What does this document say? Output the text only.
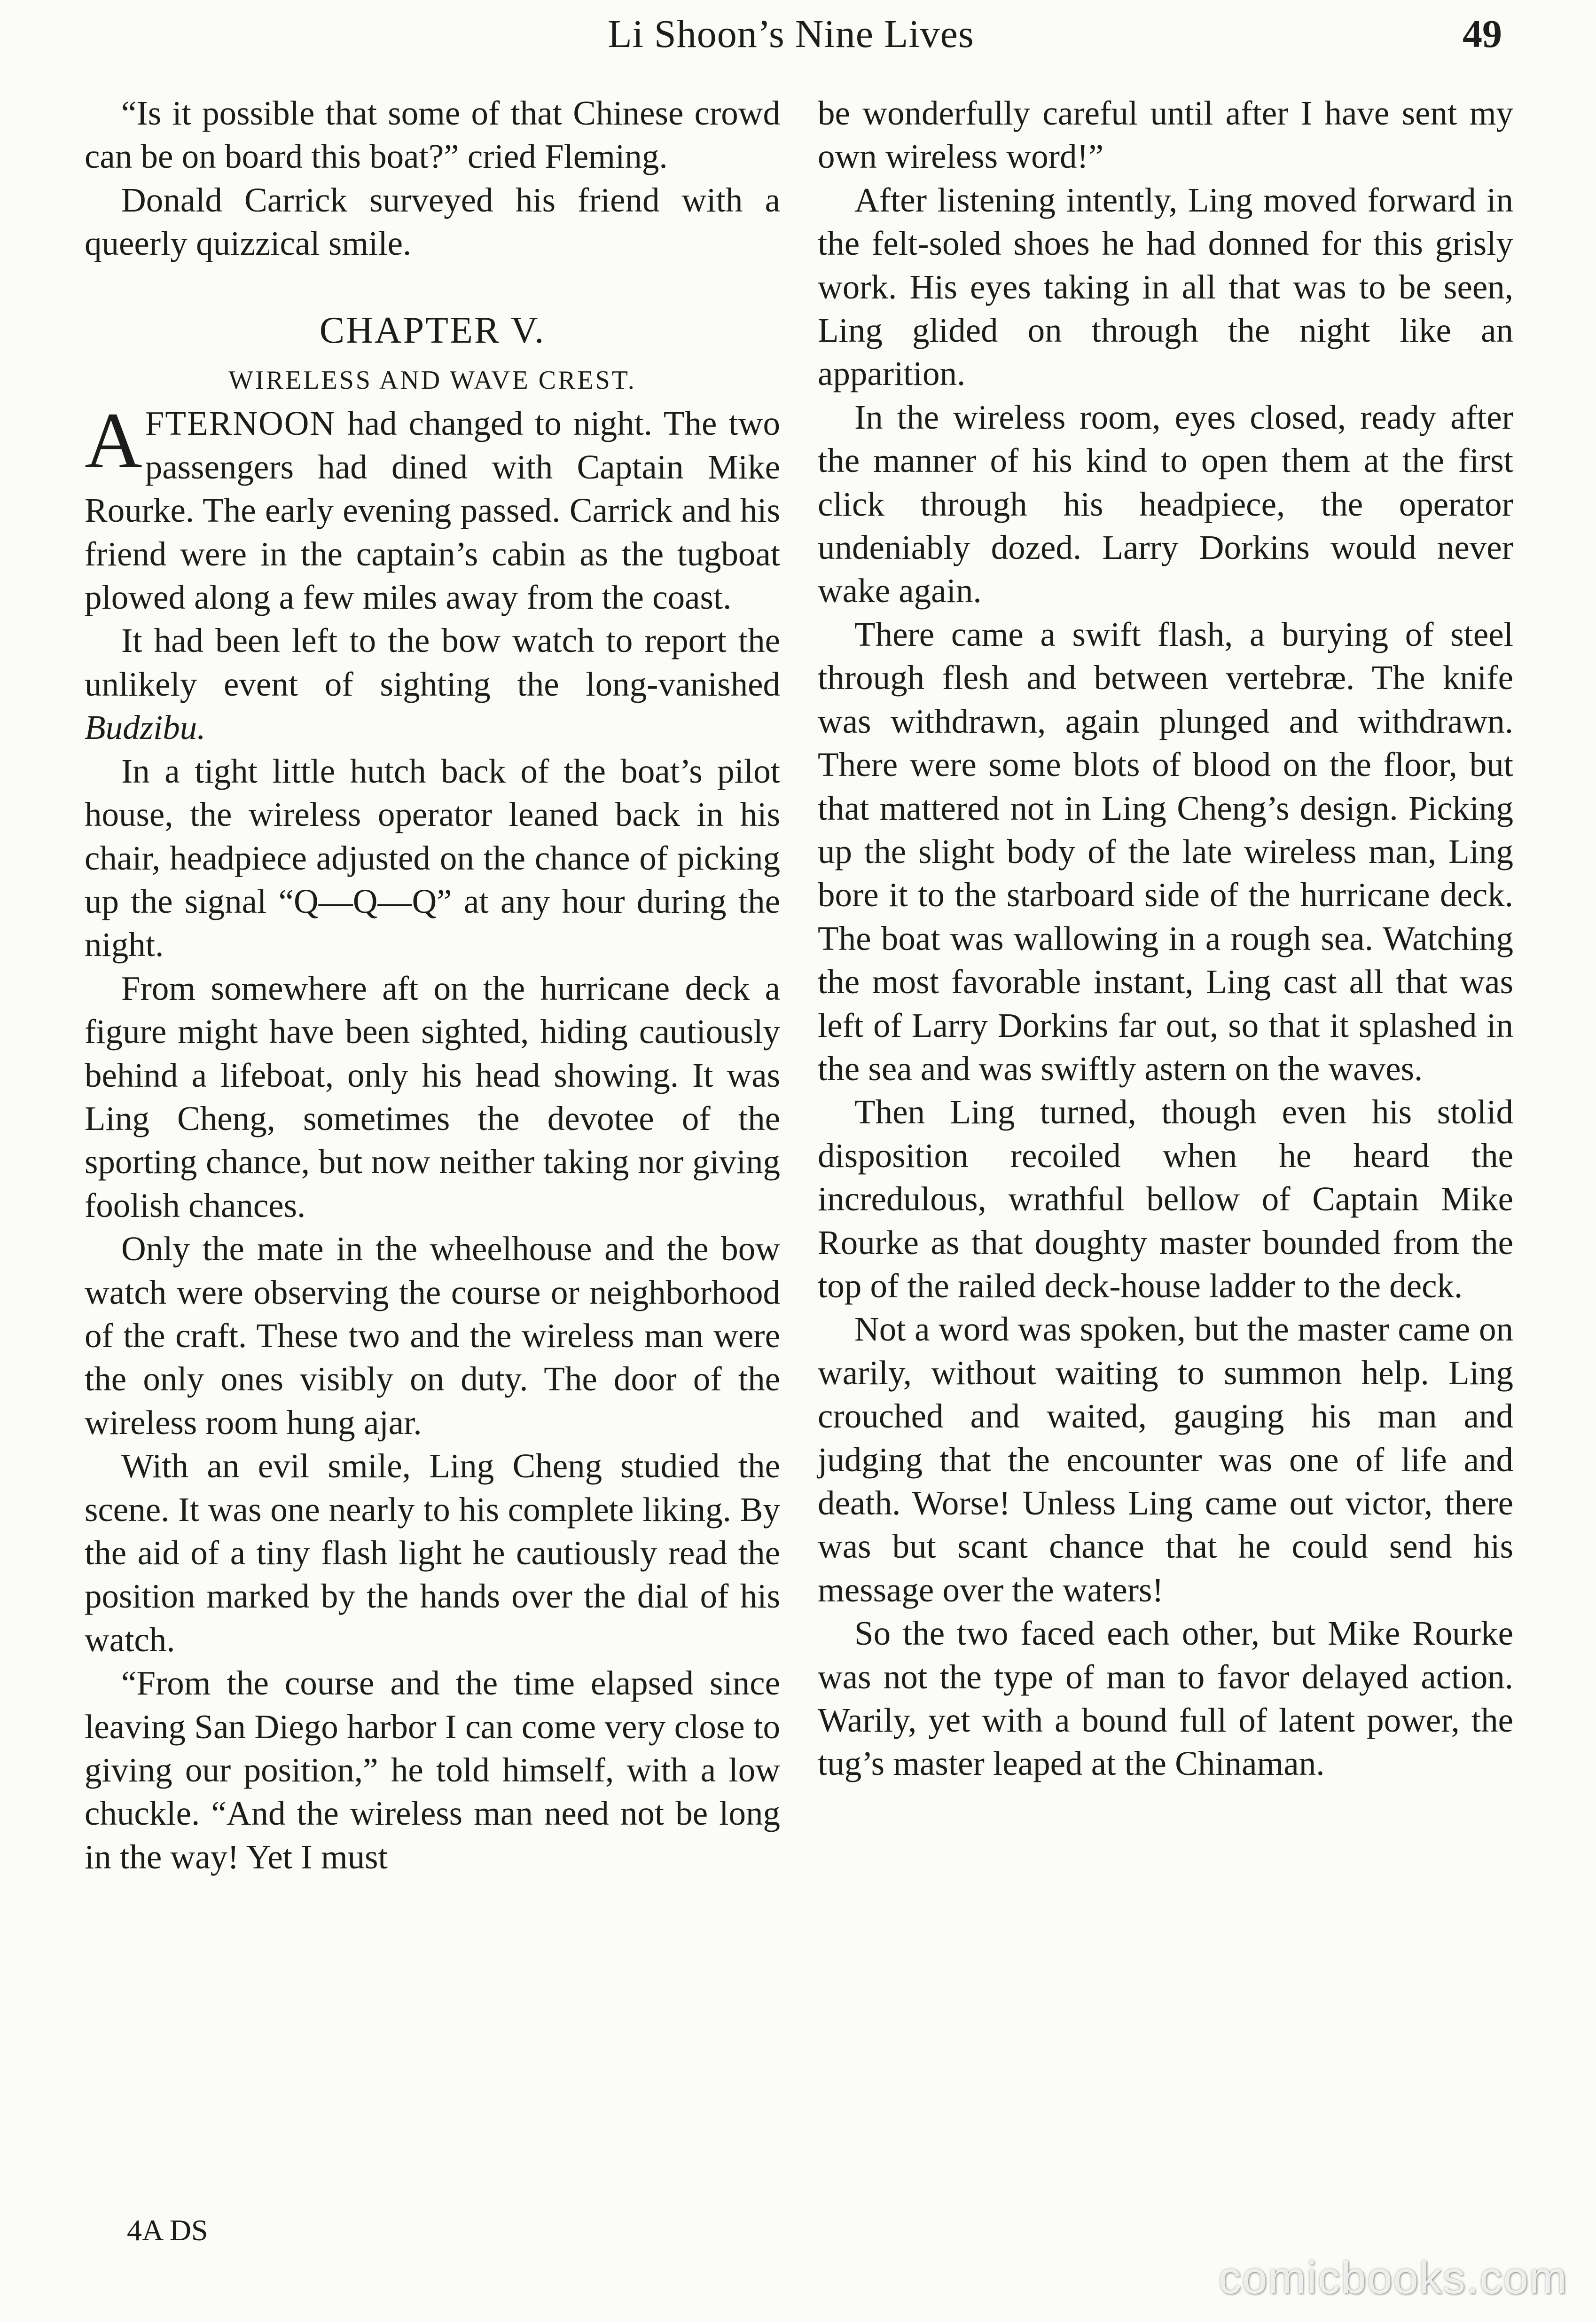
Li Shoon’s Nine Lives	49

“Is it possible that some of that Chinese crowd can be on board this boat?” cried Fleming.

Donald Carrick surveyed his friend with a queerly quizzical smile.

CHAPTER V.
WIRELESS AND WAVE CREST.

AFTERNOON had changed to night. The two passengers had dined with Captain Mike Rourke. The early evening passed. Carrick and his friend were in the captain’s cabin as the tugboat plowed along a few miles away from the coast.

It had been left to the bow watch to report the unlikely event of sighting the long-vanished Budzibu.

In a tight little hutch back of the boat’s pilot house, the wireless operator leaned back in his chair, headpiece adjusted on the chance of picking up the signal “Q—Q—Q” at any hour during the night.

From somewhere aft on the hurricane deck a figure might have been sighted, hiding cautiously behind a lifeboat, only his head showing. It was Ling Cheng, sometimes the devotee of the sporting chance, but now neither taking nor giving foolish chances.

Only the mate in the wheelhouse and the bow watch were observing the course or neighborhood of the craft. These two and the wireless man were the only ones visibly on duty. The door of the wireless room hung ajar.

With an evil smile, Ling Cheng studied the scene. It was one nearly to his complete liking. By the aid of a tiny flash light he cautiously read the position marked by the hands over the dial of his watch.

“From the course and the time elapsed since leaving San Diego harbor I can come very close to giving our position,” he told himself, with a low chuckle. “And the wireless man need not be long in the way! Yet I must

be wonderfully careful until after I have sent my own wireless word!”

After listening intently, Ling moved forward in the felt-soled shoes he had donned for this grisly work. His eyes taking in all that was to be seen, Ling glided on through the night like an apparition.

In the wireless room, eyes closed, ready after the manner of his kind to open them at the first click through his headpiece, the operator undeniably dozed. Larry Dorkins would never wake again.

There came a swift flash, a burying of steel through flesh and between vertebræ. The knife was withdrawn, again plunged and withdrawn. There were some blots of blood on the floor, but that mattered not in Ling Cheng’s design. Picking up the slight body of the late wireless man, Ling bore it to the starboard side of the hurricane deck. The boat was wallowing in a rough sea. Watching the most favorable instant, Ling cast all that was left of Larry Dorkins far out, so that it splashed in the sea and was swiftly astern on the waves.

Then Ling turned, though even his stolid disposition recoiled when he heard the incredulous, wrathful bellow of Captain Mike Rourke as that doughty master bounded from the top of the railed deck-house ladder to the deck.

Not a word was spoken, but the master came on warily, without waiting to summon help. Ling crouched and waited, gauging his man and judging that the encounter was one of life and death. Worse! Unless Ling came out victor, there was but scant chance that he could send his message over the waters!

So the two faced each other, but Mike Rourke was not the type of man to favor delayed action. Warily, yet with a bound full of latent power, the tug’s master leaped at the Chinaman.

4A DS
comicbooks.com
